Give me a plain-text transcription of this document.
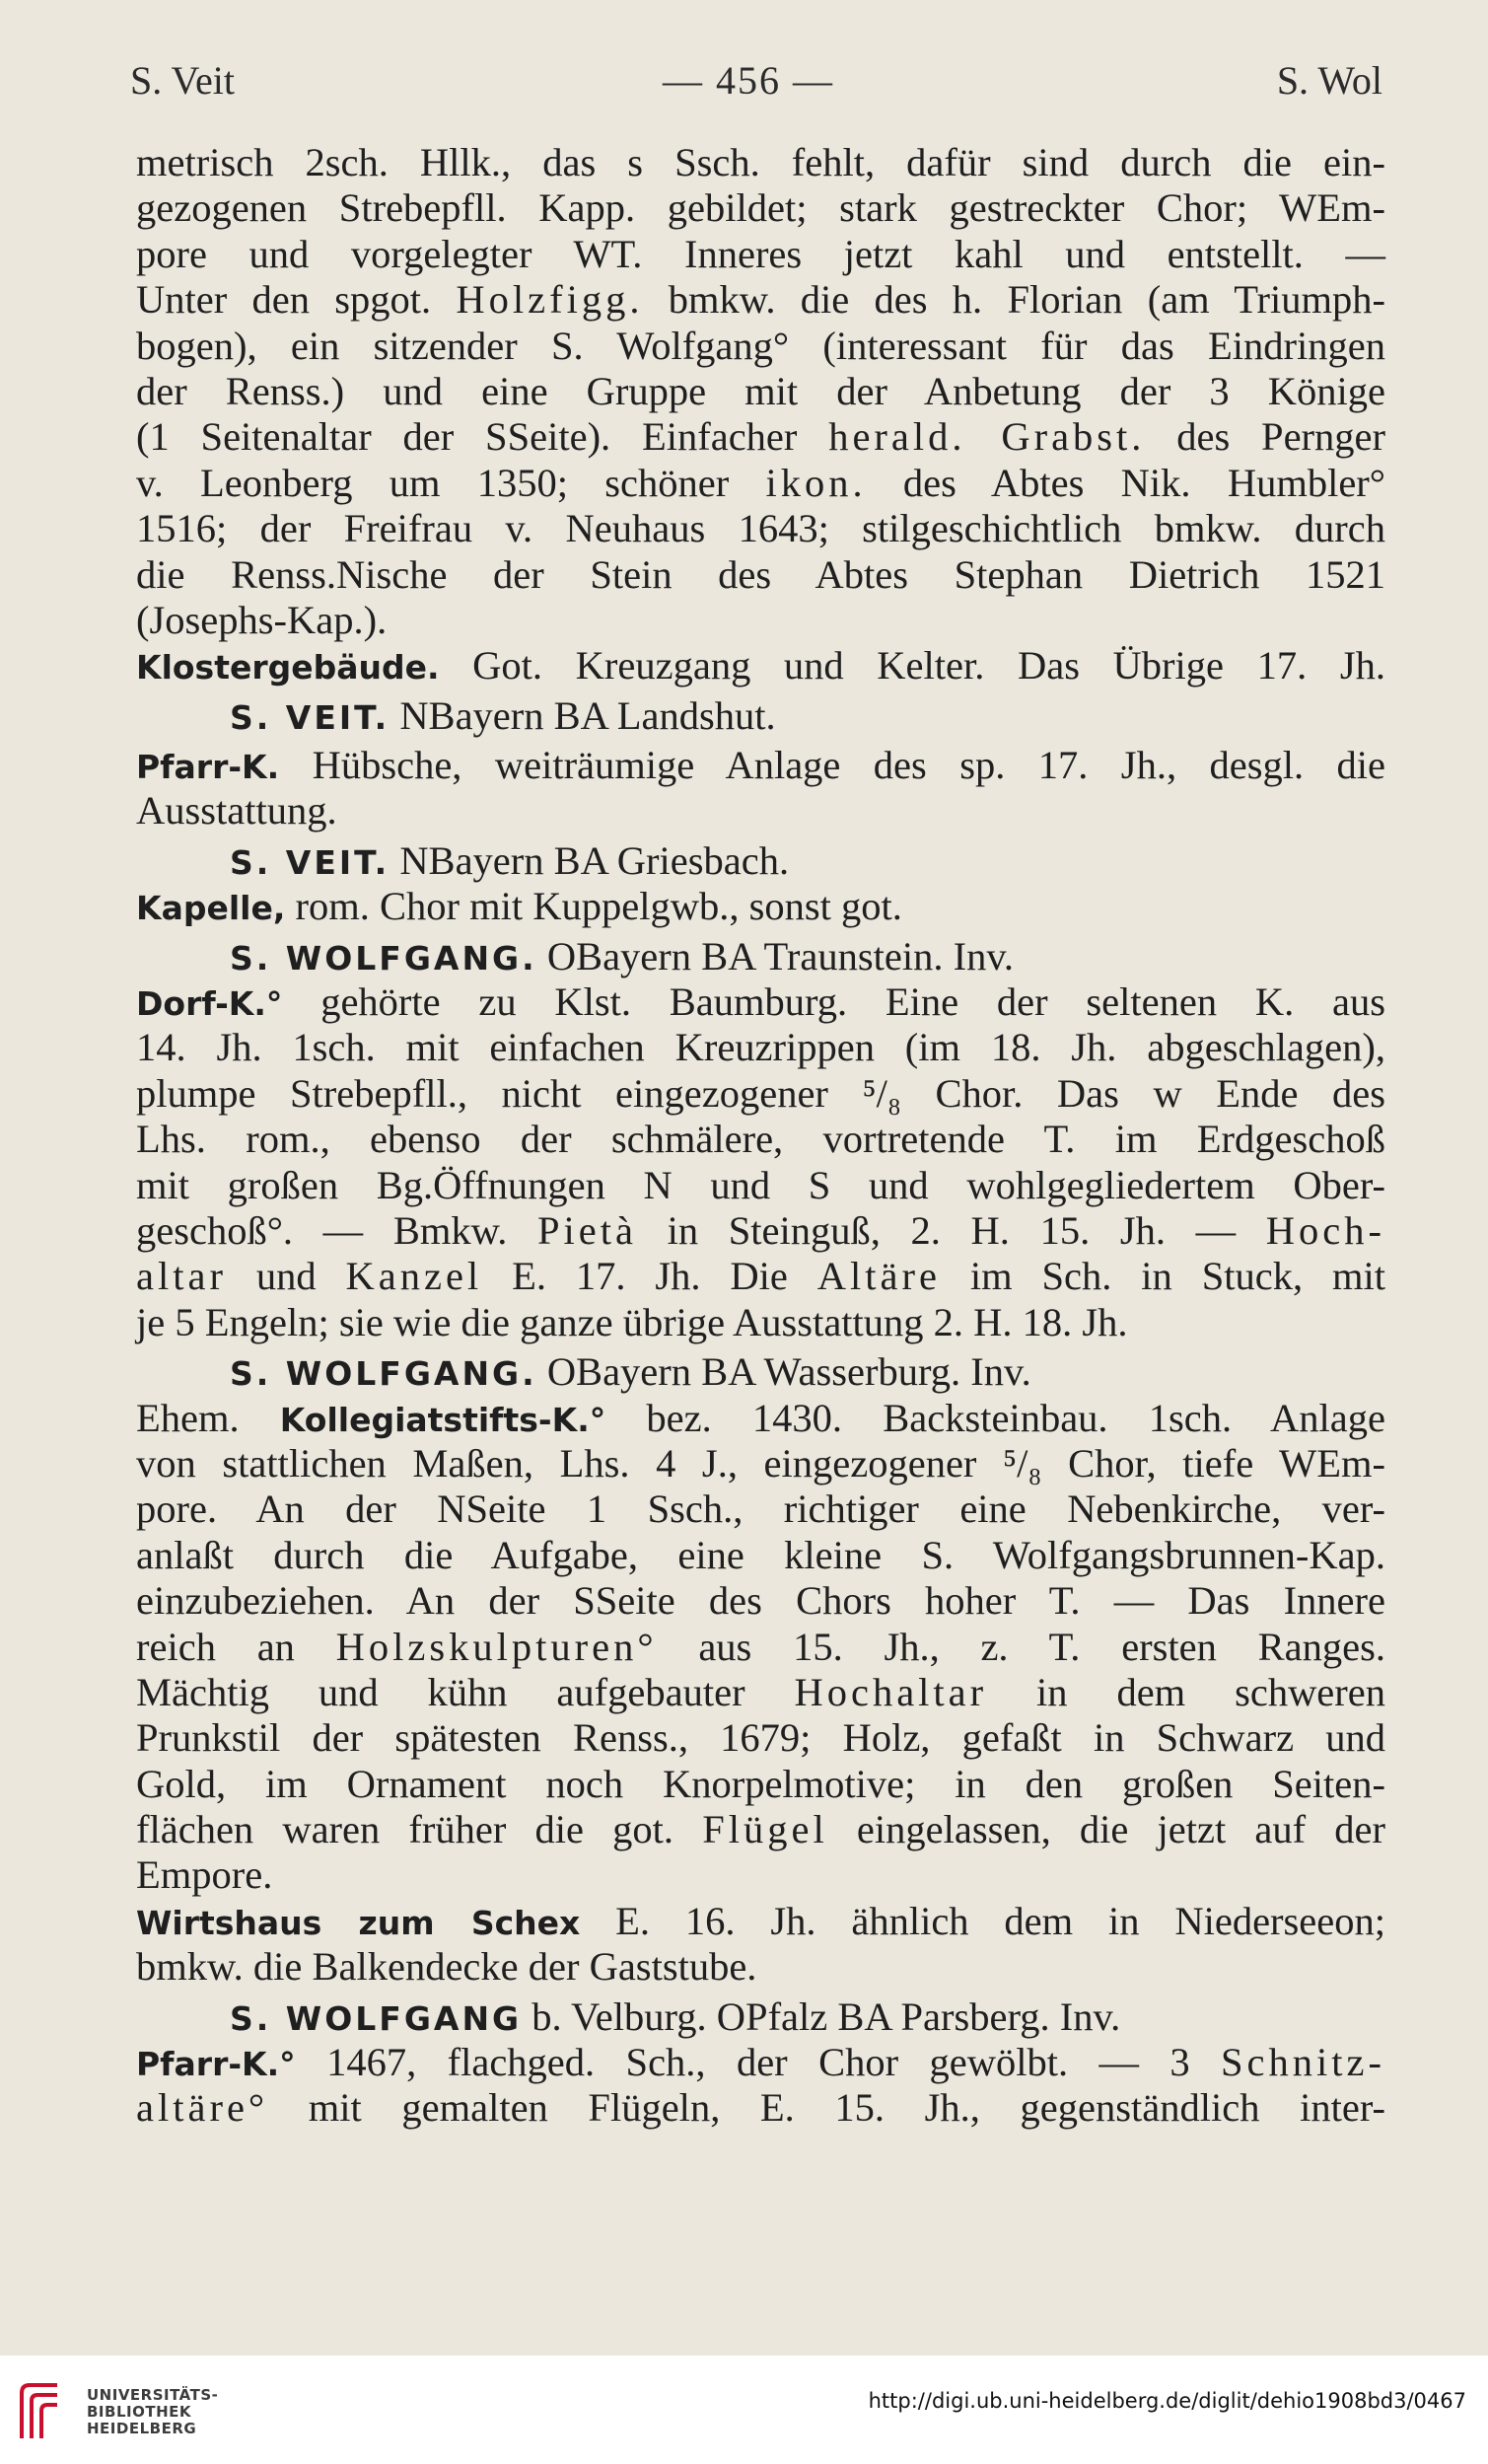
S. Veit	— 456 —	S. Wol
metrisch 2sch. Hllk., das s Ssch. fehlt, dafür sind durch die ein-
gezogenen Strebepfll. Kapp. gebildet; stark gestreckter Chor; WEm-
pore und vorgelegter WT. Inneres jetzt kahl und entstellt. —
Unter den spgot. Holzfigg. bmkw. die des h. Florian (am Triumph-
bogen), ein sitzender S. Wolfgang° (interessant für das Eindringen
der Renss.) und eine Gruppe mit der Anbetung der 3 Könige
(1 Seitenaltar der SSeite). Einfacher herald. Grabst. des Pernger
v. Leonberg um 1350; schöner ikon. des Abtes Nik. Humbler°
1516; der Freifrau v. Neuhaus 1643; stilgeschichtlich bmkw. durch
die Renss.Nische der Stein des Abtes Stephan Dietrich 1521
(Josephs-Kap.).
Klostergebäude. Got. Kreuzgang und Kelter. Das Übrige 17. Jh.
S. VEIT. NBayern BA Landshut.
Pfarr-K. Hübsche, weiträumige Anlage des sp. 17. Jh., desgl. die
Ausstattung.
S. VEIT. NBayern BA Griesbach.
Kapelle, rom. Chor mit Kuppelgwb., sonst got.
S. WOLFGANG. OBayern BA Traunstein. Inv.
Dorf-K.° gehörte zu Klst. Baumburg. Eine der seltenen K. aus
14. Jh. 1sch. mit einfachen Kreuzrippen (im 18. Jh. abgeschlagen),
plumpe Strebepfll., nicht eingezogener ⁵/₈ Chor. Das w Ende des
Lhs. rom., ebenso der schmälere, vortretende T. im Erdgeschoß
mit großen Bg.Öffnungen N und S und wohlgegliedertem Ober-
geschoß°. — Bmkw. Pietà in Steinguß, 2. H. 15. Jh. — Hoch-
altar und Kanzel E. 17. Jh. Die Altäre im Sch. in Stuck, mit
je 5 Engeln; sie wie die ganze übrige Ausstattung 2. H. 18. Jh.
S. WOLFGANG. OBayern BA Wasserburg. Inv.
Ehem. Kollegiatstifts-K.° bez. 1430. Backsteinbau. 1sch. Anlage
von stattlichen Maßen, Lhs. 4 J., eingezogener ⁵/₈ Chor, tiefe WEm-
pore. An der NSeite 1 Ssch., richtiger eine Nebenkirche, ver-
anlaßt durch die Aufgabe, eine kleine S. Wolfgangsbrunnen-Kap.
einzubeziehen. An der SSeite des Chors hoher T. — Das Innere
reich an Holzskulpturen° aus 15. Jh., z. T. ersten Ranges.
Mächtig und kühn aufgebauter Hochaltar in dem schweren
Prunkstil der spätesten Renss., 1679; Holz, gefaßt in Schwarz und
Gold, im Ornament noch Knorpelmotive; in den großen Seiten-
flächen waren früher die got. Flügel eingelassen, die jetzt auf der
Empore.
Wirtshaus zum Schex E. 16. Jh. ähnlich dem in Niederseeon;
bmkw. die Balkendecke der Gaststube.
S. WOLFGANG b. Velburg. OPfalz BA Parsberg. Inv.
Pfarr-K.° 1467, flachged. Sch., der Chor gewölbt. — 3 Schnitz-
altäre° mit gemalten Flügeln, E. 15. Jh., gegenständlich inter-
UNIVERSITÄTS-
BIBLIOTHEK
HEIDELBERG
http://digi.ub.uni-heidelberg.de/diglit/dehio1908bd3/0467
